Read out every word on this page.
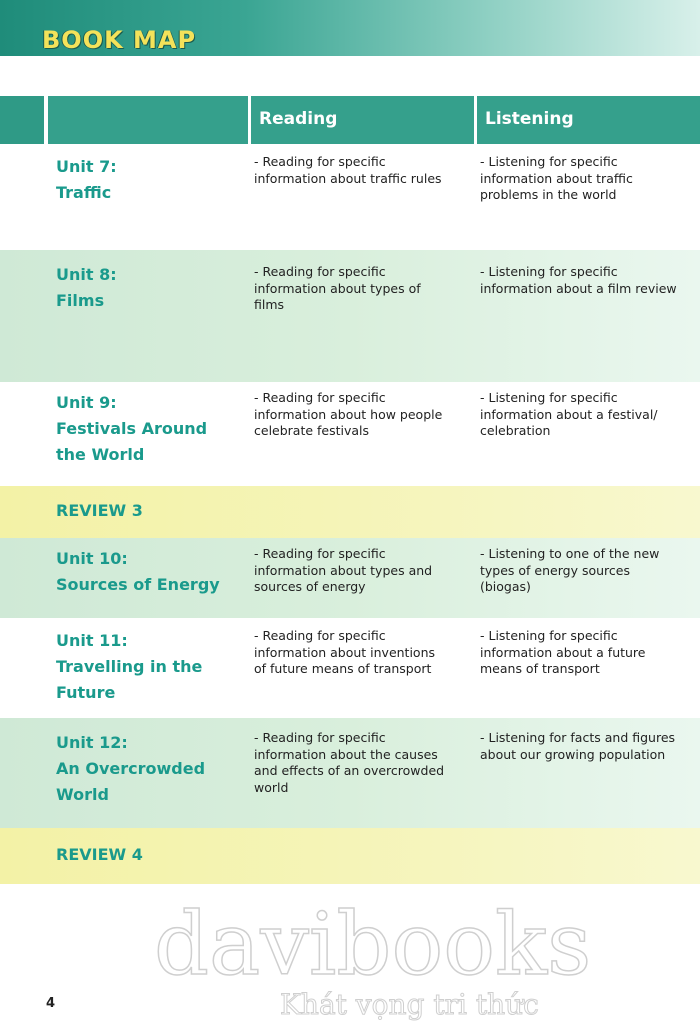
BOOK MAP
Reading	Listening
Unit 7:
Traffic
- Reading for specific
information about traffic rules
- Listening for specific
information about traffic
problems in the world
Unit 8:
Films
- Reading for specific
information about types of
films
- Listening for specific
information about a film review
Unit 9:
Festivals Around
the World
- Reading for specific
information about how people
celebrate festivals
- Listening for specific
information about a festival/
celebration
REVIEW 3
Unit 10:
Sources of Energy
- Reading for specific
information about types and
sources of energy
- Listening to one of the new
types of energy sources
(biogas)
Unit 11:
Travelling in the
Future
- Reading for specific
information about inventions
of future means of transport
- Listening for specific
information about a future
means of transport
Unit 12:
An Overcrowded
World
- Reading for specific
information about the causes
and effects of an overcrowded
world
- Listening for facts and figures
about our growing population
REVIEW 4
davibooks
Khát vọng tri thức
4
